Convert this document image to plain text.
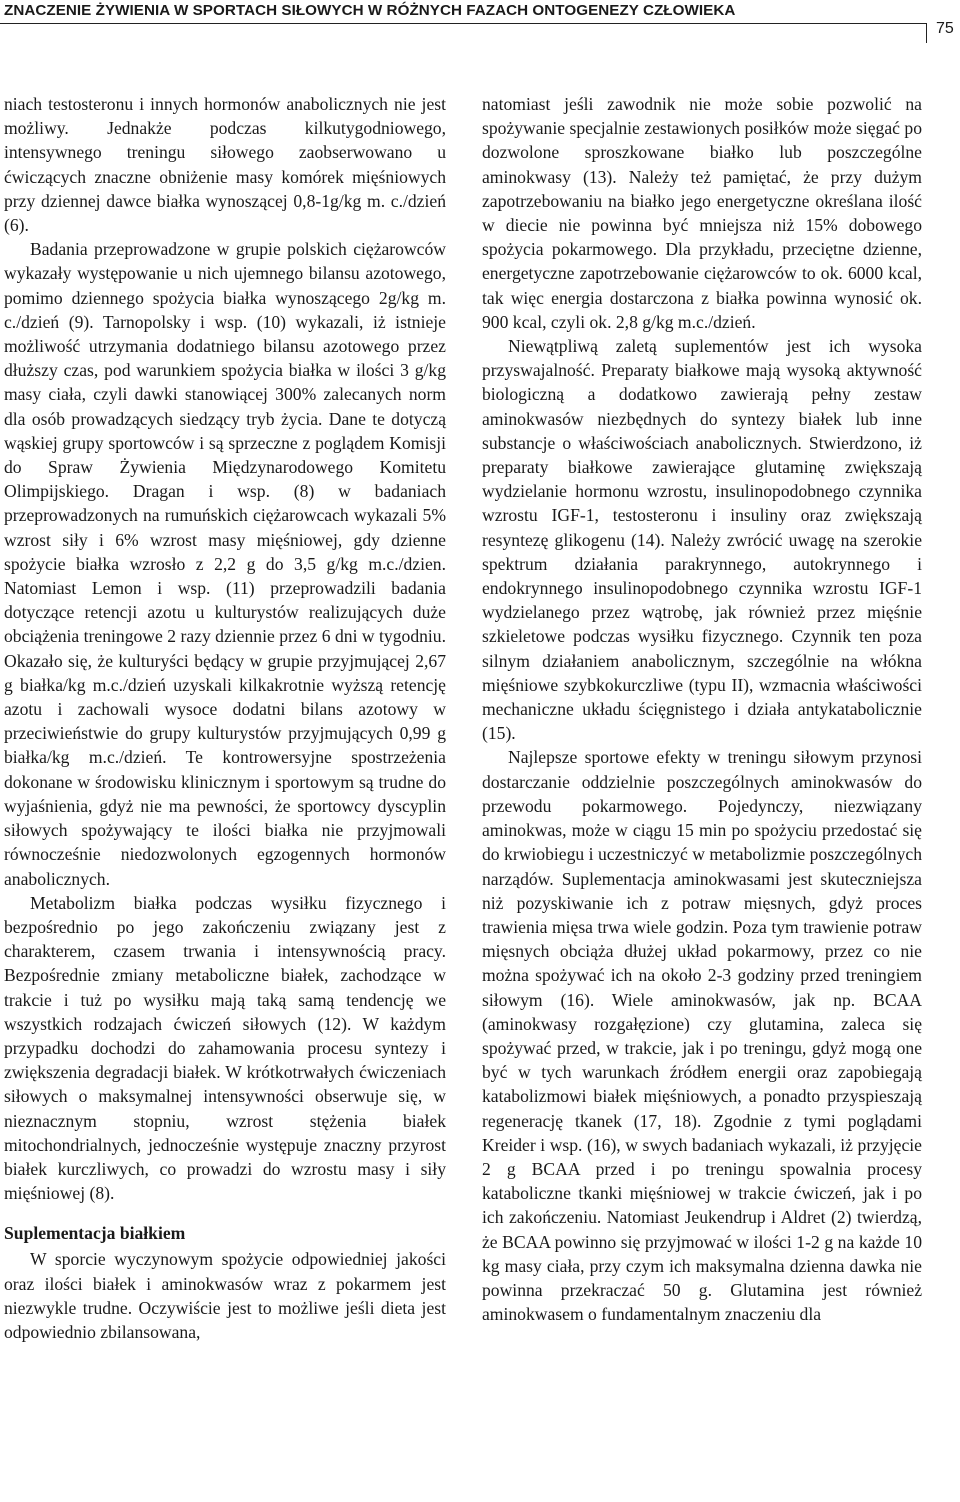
ZNACZENIE ŻYWIENIA W SPORTACH SIŁOWYCH W RÓŻNYCH FAZACH ONTOGENEZY CZŁOWIEKA
75

niach testosteronu i innych hormonów anabolicznych nie jest możliwy. Jednakże podczas kilkutygodniowego, intensywnego treningu siłowego zaobserwowano u ćwiczących znaczne obniżenie masy komórek mięśniowych przy dziennej dawce białka wynoszącej 0,8-1g/kg m. c./dzień (6).

Badania przeprowadzone w grupie polskich ciężarowców wykazały występowanie u nich ujemnego bilansu azotowego, pomimo dziennego spożycia białka wynoszącego 2g/kg m. c./dzień (9). Tarnopolsky i wsp. (10) wykazali, iż istnieje możliwość utrzymania dodatniego bilansu azotowego przez dłuższy czas, pod warunkiem spożycia białka w ilości 3 g/kg masy ciała, czyli dawki stanowiącej 300% zalecanych norm dla osób prowadzących siedzący tryb życia. Dane te dotyczą wąskiej grupy sportowców i są sprzeczne z poglądem Komisji do Spraw Żywienia Międzynarodowego Komitetu Olimpijskiego. Dragan i wsp. (8) w badaniach przeprowadzonych na rumuńskich ciężarowcach wykazali 5% wzrost siły i 6% wzrost masy mięśniowej, gdy dzienne spożycie białka wzrosło z 2,2 g do 3,5 g/kg m.c./dzien. Natomiast Lemon i wsp. (11) przeprowadzili badania dotyczące retencji azotu u kulturystów realizujących duże obciążenia treningowe 2 razy dziennie przez 6 dni w tygodniu. Okazało się, że kulturyści będący w grupie przyjmującej 2,67 g białka/kg m.c./dzień uzyskali kilkakrotnie wyższą retencję azotu i zachowali wysoce dodatni bilans azotowy w przeciwieństwie do grupy kulturystów przyjmujących 0,99 g białka/kg m.c./dzień. Te kontrowersyjne spostrzeżenia dokonane w środowisku klinicznym i sportowym są trudne do wyjaśnienia, gdyż nie ma pewności, że sportowcy dyscyplin siłowych spożywający te ilości białka nie przyjmowali równocześnie niedozwolonych egzogennych hormonów anabolicznych.

Metabolizm białka podczas wysiłku fizycznego i bezpośrednio po jego zakończeniu związany jest z charakterem, czasem trwania i intensywnością pracy. Bezpośrednie zmiany metaboliczne białek, zachodzące w trakcie i tuż po wysiłku mają taką samą tendencję we wszystkich rodzajach ćwiczeń siłowych (12). W każdym przypadku dochodzi do zahamowania procesu syntezy i zwiększenia degradacji białek. W krótkotrwałych ćwiczeniach siłowych o maksymalnej intensywności obserwuje się, w nieznacznym stopniu, wzrost stężenia białek mitochondrialnych, jednocześnie występuje znaczny przyrost białek kurczliwych, co prowadzi do wzrostu masy i siły mięśniowej (8).

Suplementacja białkiem

W sporcie wyczynowym spożycie odpowiedniej jakości oraz ilości białek i aminokwasów wraz z pokarmem jest niezwykle trudne. Oczywiście jest to możliwe jeśli dieta jest odpowiednio zbilansowana,

natomiast jeśli zawodnik nie może sobie pozwolić na spożywanie specjalnie zestawionych posiłków może sięgać po dozwolone sproszkowane białko lub poszczególne aminokwasy (13). Należy też pamiętać, że przy dużym zapotrzebowaniu na białko jego energetyczne określana ilość w diecie nie powinna być mniejsza niż 15% dobowego spożycia pokarmowego. Dla przykładu, przeciętne dzienne, energetyczne zapotrzebowanie ciężarowców to ok. 6000 kcal, tak więc energia dostarczona z białka powinna wynosić ok. 900 kcal, czyli ok. 2,8 g/kg m.c./dzień.

Niewątpliwą zaletą suplementów jest ich wysoka przyswajalność. Preparaty białkowe mają wysoką aktywność biologiczną a dodatkowo zawierają pełny zestaw aminokwasów niezbędnych do syntezy białek lub inne substancje o właściwościach anabolicznych. Stwierdzono, iż preparaty białkowe zawierające glutaminę zwiększają wydzielanie hormonu wzrostu, insulinopodobnego czynnika wzrostu IGF-1, testosteronu i insuliny oraz zwiększają resyntezę glikogenu (14). Należy zwrócić uwagę na szerokie spektrum działania parakrynnego, autokrynnego i endokrynnego insulinopodobnego czynnika wzrostu IGF-1 wydzielanego przez wątrobę, jak również przez mięśnie szkieletowe podczas wysiłku fizycznego. Czynnik ten poza silnym działaniem anabolicznym, szczególnie na włókna mięśniowe szybkokurczliwe (typu II), wzmacnia właściwości mechaniczne układu ścięgnistego i działa antykatabolicznie (15).

Najlepsze sportowe efekty w treningu siłowym przynosi dostarczanie oddzielnie poszczególnych aminokwasów do przewodu pokarmowego. Pojedynczy, niezwiązany aminokwas, może w ciągu 15 min po spożyciu przedostać się do krwiobiegu i uczestniczyć w metabolizmie poszczególnych narządów. Suplementacja aminokwasami jest skuteczniejsza niż pozyskiwanie ich z potraw mięsnych, gdyż proces trawienia mięsa trwa wiele godzin. Poza tym trawienie potraw mięsnych obciąża dłużej układ pokarmowy, przez co nie można spożywać ich na około 2-3 godziny przed treningiem siłowym (16). Wiele aminokwasów, jak np. BCAA (aminokwasy rozgałęzione) czy glutamina, zaleca się spożywać przed, w trakcie, jak i po treningu, gdyż mogą one być w tych warunkach źródłem energii oraz zapobiegają katabolizmowi białek mięśniowych, a ponadto przyspieszają regenerację tkanek (17, 18). Zgodnie z tymi poglądami Kreider i wsp. (16), w swych badaniach wykazali, iż przyjęcie 2 g BCAA przed i po treningu spowalnia procesy kataboliczne tkanki mięśniowej w trakcie ćwiczeń, jak i po ich zakończeniu. Natomiast Jeukendrup i Aldret (2) twierdzą, że BCAA powinno się przyjmować w ilości 1-2 g na każde 10 kg masy ciała, przy czym ich maksymalna dzienna dawka nie powinna przekraczać 50 g. Glutamina jest również aminokwasem o fundamentalnym znaczeniu dla
